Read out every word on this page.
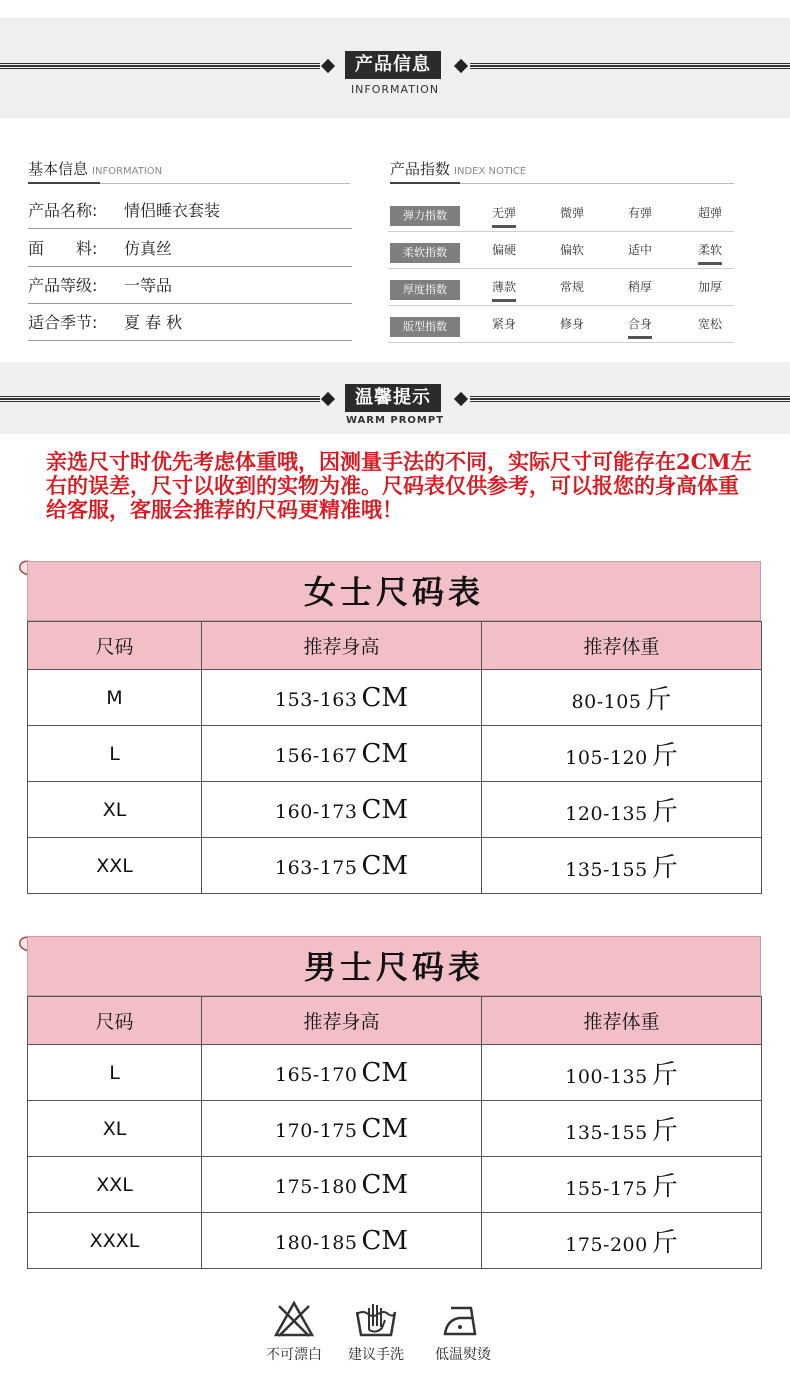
产品信息
INFORMATION
基本信息 INFORMATION
产品名称: 情侣睡衣套装
面　　料: 仿真丝
产品等级: 一等品
适合季节: 夏 春 秋
产品指数 INDEX NOTICE
弹力指数	无弹	微弹	有弹	超弹
柔软指数	偏硬	偏软	适中	柔软
厚度指数	薄款	常规	稍厚	加厚
版型指数	紧身	修身	合身	宽松
温馨提示
WARM PROMPT
亲选尺寸时优先考虑体重哦，因测量手法的不同，实际尺寸可能存在2CM左右的误差，尺寸以收到的实物为准。尺码表仅供参考，可以报您的身高体重给客服，客服会推荐的尺码更精准哦！
女士尺码表
尺码	推荐身高	推荐体重
M	153-163 CM	80-105 斤
L	156-167 CM	105-120 斤
XL	160-173 CM	120-135 斤
XXL	163-175 CM	135-155 斤
男士尺码表
尺码	推荐身高	推荐体重
L	165-170 CM	100-135 斤
XL	170-175 CM	135-155 斤
XXL	175-180 CM	155-175 斤
XXXL	180-185 CM	175-200 斤
不可漂白	建议手洗	低温熨烫
